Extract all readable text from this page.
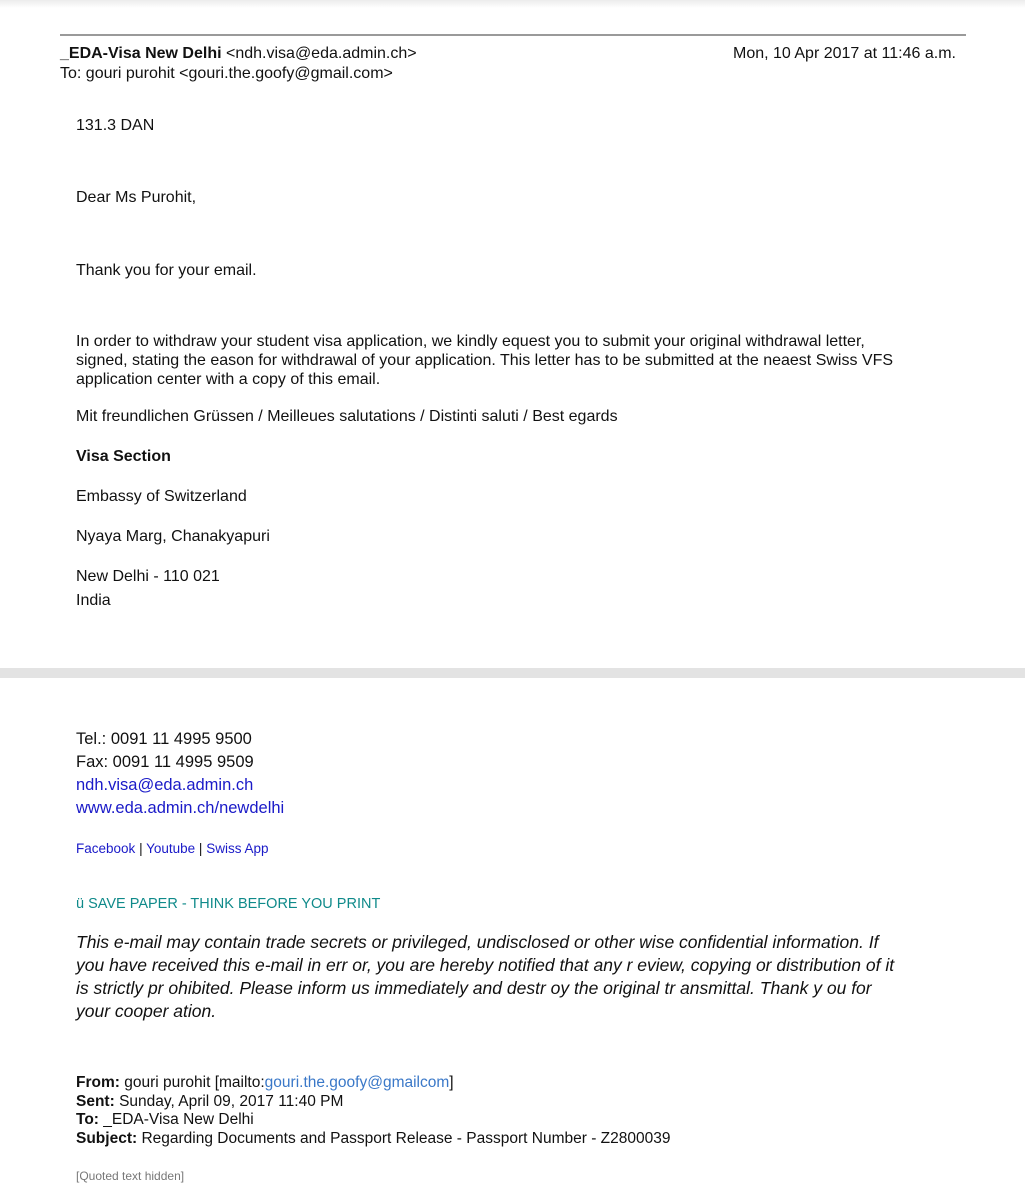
_EDA-Visa New Delhi <ndh.visa@eda.admin.ch>	Mon, 10 Apr 2017 at 11:46 a.m.
To: gouri purohit <gouri.the.goofy@gmail.com>
131.3 DAN
Dear Ms Purohit,
Thank you for your email.
In order to withdraw your student visa application, we kindly equest you to submit your original withdrawal letter,
signed, stating the eason for withdrawal of your application. This letter has to be submitted at the neaest Swiss VFS
application center with a copy of this email.
Mit freundlichen Grüssen / Meilleues salutations / Distinti saluti / Best egards
Visa Section
Embassy of Switzerland
Nyaya Marg, Chanakyapuri
New Delhi - 110 021
India
Tel.: 0091 11 4995 9500
Fax: 0091 11 4995 9509
ndh.visa@eda.admin.ch
www.eda.admin.ch/newdelhi
Facebook | Youtube | Swiss App
ü SAVE PAPER - THINK BEFORE YOU PRINT
This e-mail may contain trade secrets or privileged, undisclosed or other wise confidential information. If
you have received this e-mail in err or, you are hereby notified that any r eview, copying or distribution of it
is strictly pr ohibited. Please inform us immediately and destr oy the original tr ansmittal. Thank y ou for
your cooper ation.
From: gouri purohit [mailto:gouri.the.goofy@gmailcom]
Sent: Sunday, April 09, 2017 11:40 PM
To: _EDA-Visa New Delhi
Subject: Regarding Documents and Passport Release - Passport Number - Z2800039
[Quoted text hidden]
